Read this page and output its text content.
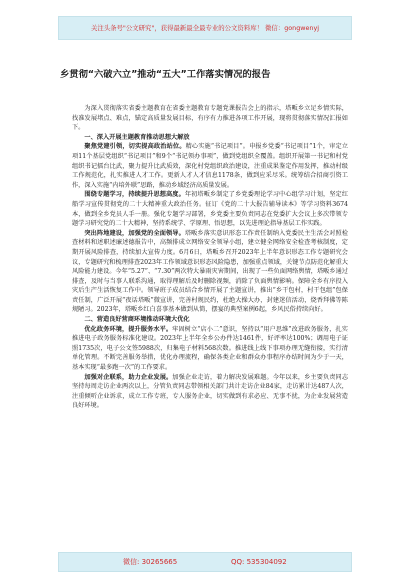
关注头条号"公文研究"，获得最新最全最专业的公文资料库！ 微信：gongwenyj
乡贯彻“六破六立”推动“五大”工作落实情况的报告

为深入贯彻落实省委主题教育在省委主题教育专题党课报告会上的指示，塔畈乡立足乡情实际，找准发展堵点、难点，锚定高质量发展目标，有序有力推进各项工作开展，现将贯彻落实情况汇报如下。

一、深入开展主题教育推动思想大解放

聚焦党建引领，切实提高政治站位。精心实施“书记项目”。申报乡党委“书记项目”1个，审定立项11个基层党组织“书记项目”和9个“书记领办事项”，做到党组织全覆盖。组织开展第一书记和村党组织书记擂台比武，聚力提升比武质效，深化村党组织政治建设，注重成果鉴定作用发挥，推动村级工作规范化，扎实推进人才工作。更新人才人才信息1178条，做到应采尽采。统筹结合招商引资工作，深入实施“内培外联”思路，推动乡域经济高质量发展。

围绕专题学习，持续提升思想高度。年初塔畈乡制定了乡党委理论学习中心组学习计划，坚定红船学习宣传贯彻党的二十大精神重大政治任务。征订《党的二十大报告辅导读本》等学习资料3674本，做到全乡党员人手一册。强化专题学习部署，乡党委主要负责同志在党委扩大会议上多次带领专题学习研究党的二十大精神，坚持系统学、学原理、悟思想，以先进理论指导基层工作实践。

突出阵地建设，加强党的全面领导。塔畈乡落实意识形态工作责任制纳入党委民主生活会对照检查材料和述职述廉述德报告中，高频排成立网络安全领导小组，建立健全网络安全检查考核制度，定期开展风险排查，持续加大宣传力度。6月6日，塔畈乡召开2023年上半年意识形态工作专题研究会议，专题研究和梳理排查2023年工作领域意识形态风险隐患，加强重点领域，关键节点防范化解重大风险能力建设。今年“5.27”、“7.30”两次特大暴雨灾害期间，出现了一些负面网络舆情，塔畈乡通过排查，及时与当事人联系沟通，取得理解后及时删除视频，消除了负面舆情影响。保障全乡有序投入灾后生产生活恢复工作中。领导班子成员结合乡情开展了主题宣讲，推出“乡干包村，村干包组”包保责任制，广泛开展“夜话塔畈”微宣讲，完善村规民约，杜绝大操大办，封建迷信活动，烧香拜佛等陈规陋习。2023年，塔畈乡红白喜事基本做到从简，摆宴的典型案例6起，乡风民俗持续向好。

二、营造良好营商环境推动环境大优化

优化政务环境，提升服务水平。牢固树立“店小二”意识，坚持以“用户思维”改进政务服务，扎实推进电子政务服务标准化建设。2023年上半年全乡公办件达1461件，好评率达100%；调用电子证照1735次，电子公文签5988次，归集电子材料568次数。推进线上线下事项办理无缝衔接，实行清单化管理。不断完善服务举措，优化办理流程，确保各类企业和群众办事程序办结时间为少于一天，基本实现“最多跑一次”的工作要求。

加强对企联系，助力企业发展。加强企业走访，着力解决发展难题。今年以来，乡主要负责同志坚持每周走访企业两次以上，分管负责同志带领相关部门共计走访企业84家，走访累计达487人次，注重倾听企业诉求，成立工作专班，专人服务企业，切实做到有求必应、无事不扰，为企业发展营造良好环境。

微信: 30265665	QQ: 535304092
